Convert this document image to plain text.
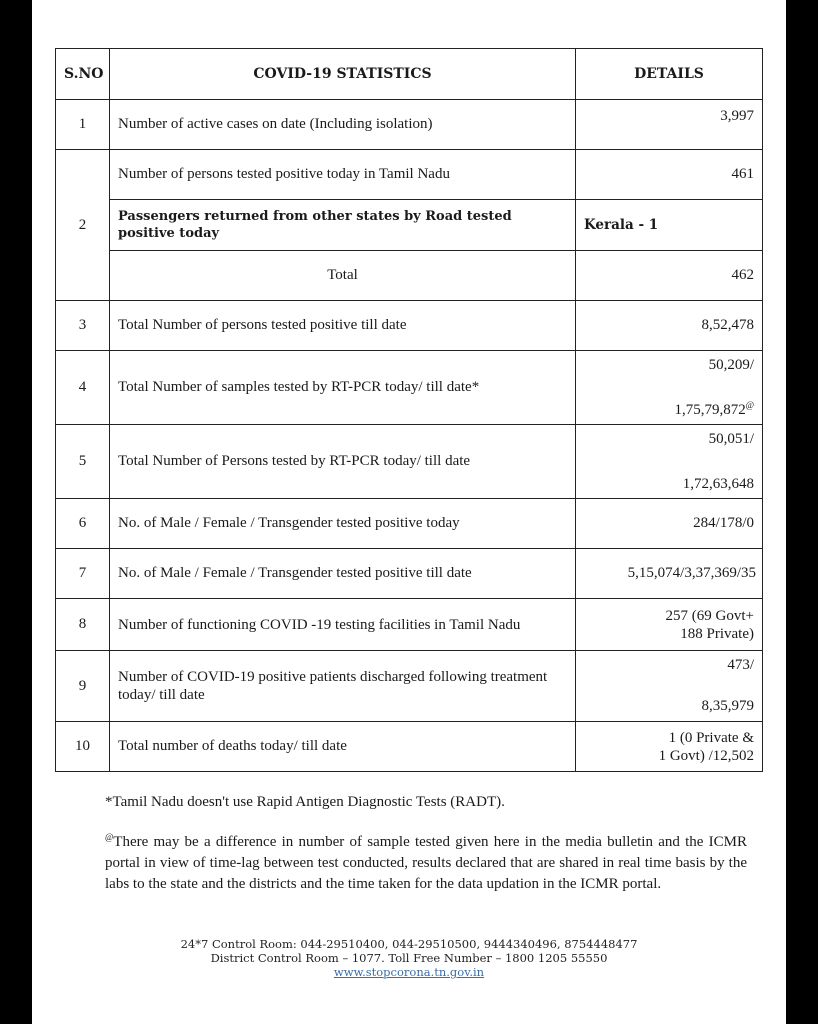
S.NO	COVID-19 STATISTICS	DETAILS
1	Number of active cases on date (Including isolation)	3,997
2	Number of persons tested positive today in Tamil Nadu	461
	Passengers returned from other states by Road tested positive today	Kerala - 1
	Total	462
3	Total Number of persons tested positive till date	8,52,478
4	Total Number of samples tested by RT-PCR today/ till date*	50,209/
1,75,79,872@

5	Total Number of Persons tested by RT-PCR today/ till date	50,051/
1,72,63,648

6	No. of Male / Female / Transgender tested positive today	284/178/0
7	No. of Male / Female / Transgender tested positive till date	5,15,074/3,37,369/35
8	Number of functioning COVID -19 testing facilities in Tamil Nadu	257 (69 Govt+
188 Private)

9	Number of COVID-19 positive patients discharged following treatment today/ till date	473/
8,35,979

10	Total number of deaths today/ till date	1 (0 Private &
1 Govt) /12,502

*Tamil Nadu doesn't use Rapid Antigen Diagnostic Tests (RADT).

@There may be a difference in number of sample tested given here in the media bulletin and the ICMR portal in view of time-lag between test conducted, results declared that are shared in real time basis by the labs to the state and the districts and the time taken for the data updation in the ICMR portal.

24*7 Control Room: 044-29510400, 044-29510500, 9444340496, 8754448477
District Control Room – 1077. Toll Free Number – 1800 1205 55550
www.stopcorona.tn.gov.in
